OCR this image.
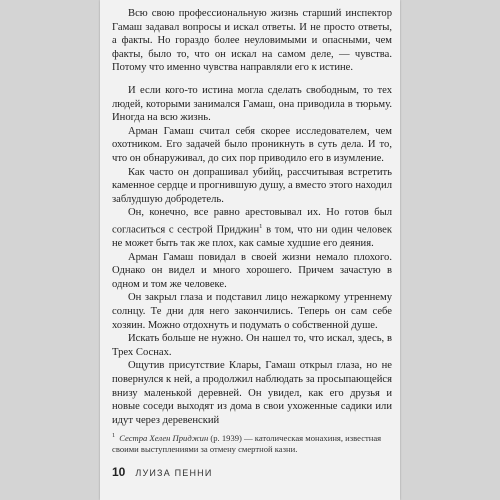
Всю свою профессиональную жизнь старший инспектор Гамаш задавал вопросы и искал ответы. И не просто ответы, а факты. Но гораздо более неуловимыми и опасными, чем факты, было то, что он искал на самом деле, — чувства. Потому что именно чувства направляли его к истине.

И если кого-то истина могла сделать свободным, то тех людей, которыми занимался Гамаш, она приводила в тюрьму. Иногда на всю жизнь.

Арман Гамаш считал себя скорее исследователем, чем охотником. Его задачей было проникнуть в суть дела. И то, что он обнаруживал, до сих пор приводило его в изумление.

Как часто он допрашивал убийц, рассчитывая встретить каменное сердце и прогнившую душу, а вместо этого находил заблудшую добродетель.

Он, конечно, все равно арестовывал их. Но готов был согласиться с сестрой Приджин$^1$ в том, что ни один человек не может быть так же плох, как самые худшие его деяния.

Арман Гамаш повидал в своей жизни немало плохого. Однако он видел и много хорошего. Причем зачастую в одном и том же человеке.

Он закрыл глаза и подставил лицо нежаркому утреннему солнцу. Те дни для него закончились. Теперь он сам себе хозяин. Можно отдохнуть и подумать о собственной душе.

Искать больше не нужно. Он нашел то, что искал, здесь, в Трех Соснах.

Ощутив присутствие Клары, Гамаш открыл глаза, но не повернулся к ней, а продолжил наблюдать за просыпающейся внизу маленькой деревней. Он увидел, как его друзья и новые соседи выходят из дома в свои ухоженные садики или идут через деревенский

$^1$ Сестра Хелен Приджин (р. 1939) — католическая монахиня, известная своими выступлениями за отмену смертной казни.
10 ЛУИЗА ПЕННИ
